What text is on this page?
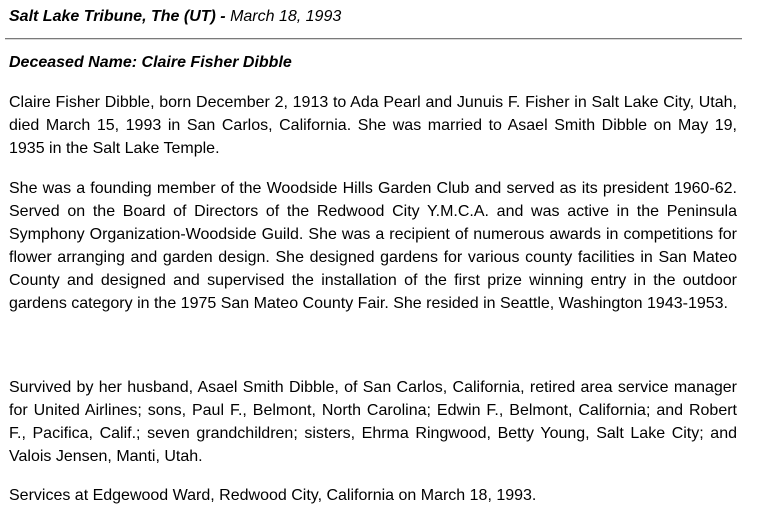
Salt Lake Tribune, The (UT) - March 18, 1993
Deceased Name: Claire Fisher Dibble

Claire Fisher Dibble, born December 2, 1913 to Ada Pearl and Junuis F. Fisher in Salt Lake City, Utah, died March 15, 1993 in San Carlos, California. She was married to Asael Smith Dibble on May 19, 1935 in the Salt Lake Temple.

She was a founding member of the Woodside Hills Garden Club and served as its president 1960-62. Served on the Board of Directors of the Redwood City Y.M.C.A. and was active in the Peninsula Symphony Organization-Woodside Guild. She was a recipient of numerous awards in competitions for flower arranging and garden design. She designed gardens for various county facilities in San Mateo County and designed and supervised the installation of the first prize winning entry in the outdoor gardens category in the 1975 San Mateo County Fair. She resided in Seattle, Washington 1943-1953.

Survived by her husband, Asael Smith Dibble, of San Carlos, California, retired area service manager for United Airlines; sons, Paul F., Belmont, North Carolina; Edwin F., Belmont, California; and Robert F., Pacifica, Calif.; seven grandchildren; sisters, Ehrma Ringwood, Betty Young, Salt Lake City; and Valois Jensen, Manti, Utah.

Services at Edgewood Ward, Redwood City, California on March 18, 1993.
